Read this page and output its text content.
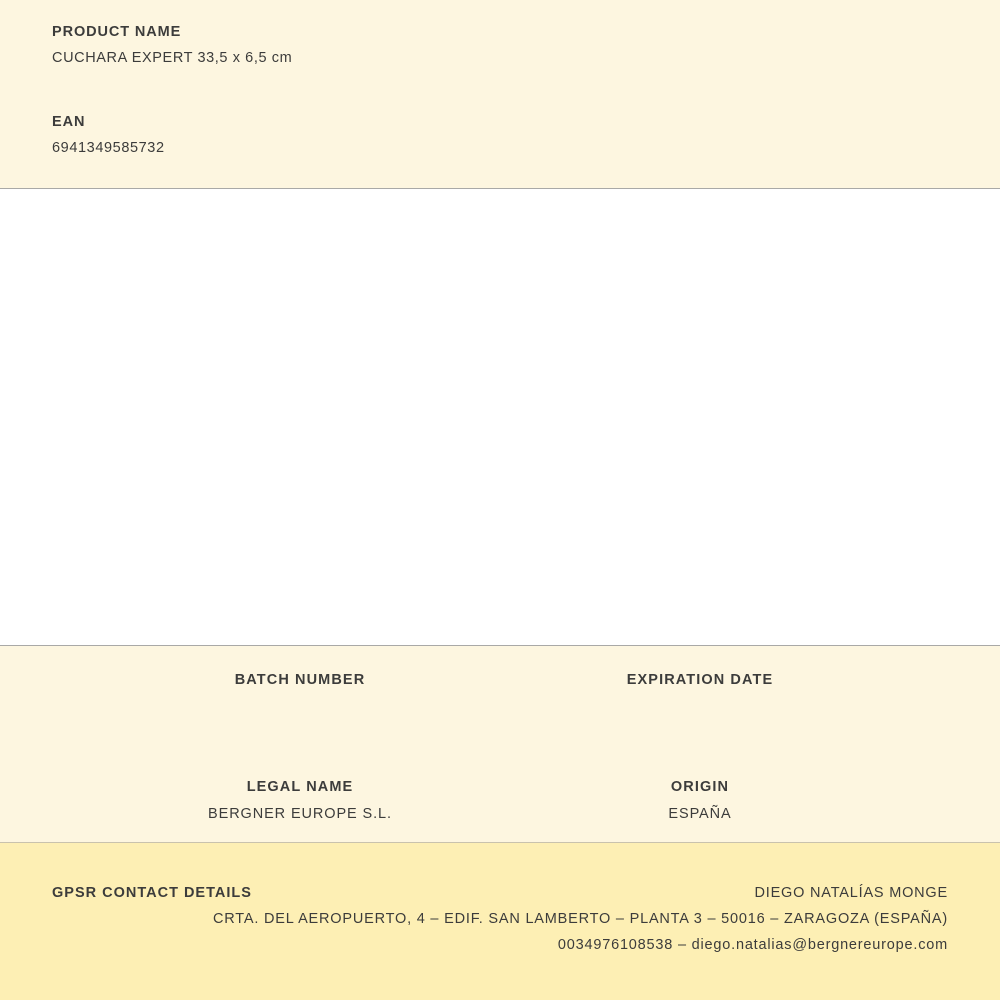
PRODUCT NAME

CUCHARA EXPERT 33,5 x 6,5 cm

EAN

6941349585732

BATCH NUMBER	EXPIRATION DATE

LEGAL NAME

BERGNER EUROPE S.L.

ORIGIN

ESPAÑA

GPSR CONTACT DETAILS	DIEGO NATALÍAS MONGE

CRTA. DEL AEROPUERTO, 4 – EDIF. SAN LAMBERTO – PLANTA 3 – 50016 – ZARAGOZA (ESPAÑA)

0034976108538 – diego.natalias@bergnereurope.com
